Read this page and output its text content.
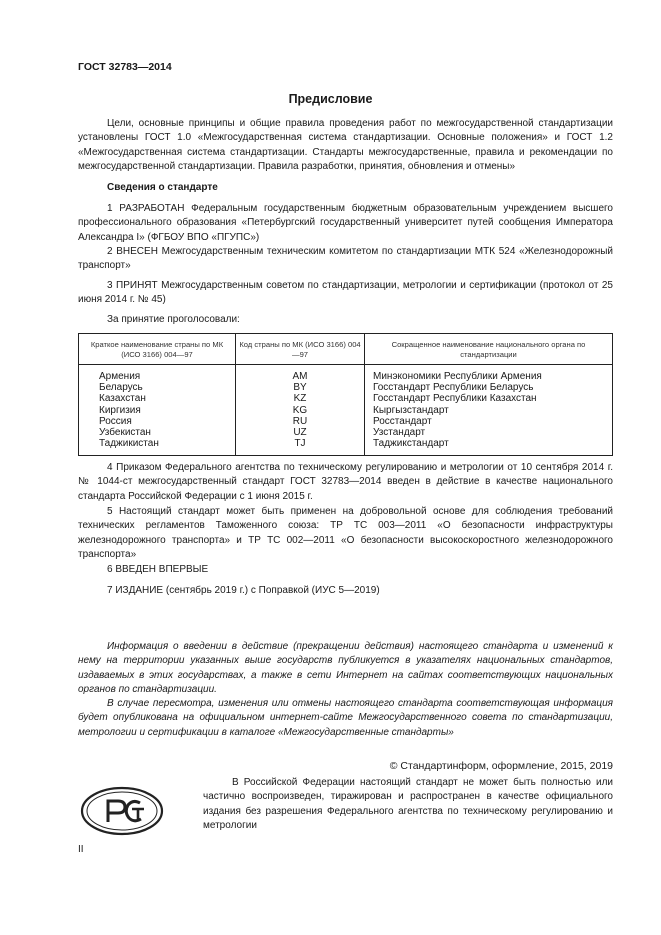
ГОСТ 32783—2014
Предисловие
Цели, основные принципы и общие правила проведения работ по межгосударственной стандартизации установлены ГОСТ 1.0 «Межгосударственная система стандартизации. Основные положения» и ГОСТ 1.2 «Межгосударственная система стандартизации. Стандарты межгосударственные, правила и рекомендации по межгосударственной стандартизации. Правила разработки, принятия, обновления и отмены»
Сведения о стандарте
1 РАЗРАБОТАН Федеральным государственным бюджетным образовательным учреждением высшего профессионального образования «Петербургский государственный университет путей сообщения Императора Александра I» (ФГБОУ ВПО «ПГУПС»)
2 ВНЕСЕН Межгосударственным техническим комитетом по стандартизации МТК 524 «Железнодорожный транспорт»
3 ПРИНЯТ Межгосударственным советом по стандартизации, метрологии и сертификации (протокол от 25 июня 2014 г. № 45)
За принятие проголосовали:
Краткое наименование страны по МК (ИСО 3166) 004—97	Код страны по МК (ИСО 3166) 004—97	Сокращенное наименование национального органа по стандартизации
Армения	AM	Минэкономики Республики Армения
Беларусь	BY	Госстандарт Республики Беларусь
Казахстан	KZ	Госстандарт Республики Казахстан
Киргизия	KG	Кыргызстандарт
Россия	RU	Росстандарт
Узбекистан	UZ	Узстандарт
Таджикистан	TJ	Таджикстандарт
4 Приказом Федерального агентства по техническому регулированию и метрологии от 10 сентября 2014 г. № 1044-ст межгосударственный стандарт ГОСТ 32783—2014 введен в действие в качестве национального стандарта Российской Федерации с 1 июня 2015 г.
5 Настоящий стандарт может быть применен на добровольной основе для соблюдения требований технических регламентов Таможенного союза: ТР ТС 003—2011 «О безопасности инфраструктуры железнодорожного транспорта» и ТР ТС 002—2011 «О безопасности высокоскоростного железнодорожного транспорта»
6 ВВЕДЕН ВПЕРВЫЕ
7 ИЗДАНИЕ (сентябрь 2019 г.) с Поправкой (ИУС 5—2019)
Информация о введении в действие (прекращении действия) настоящего стандарта и изменений к нему на территории указанных выше государств публикуется в указателях национальных стандартов, издаваемых в этих государствах, а также в сети Интернет на сайтах соответствующих национальных органов по стандартизации.
В случае пересмотра, изменения или отмены настоящего стандарта соответствующая информация будет опубликована на официальном интернет-сайте Межгосударственного совета по стандартизации, метрологии и сертификации в каталоге «Межгосударственные стандарты»
© Стандартинформ, оформление, 2015, 2019
В Российской Федерации настоящий стандарт не может быть полностью или частично воспроизведен, тиражирован и распространен в качестве официального издания без разрешения Федерального агентства по техническому регулированию и метрологии
II
